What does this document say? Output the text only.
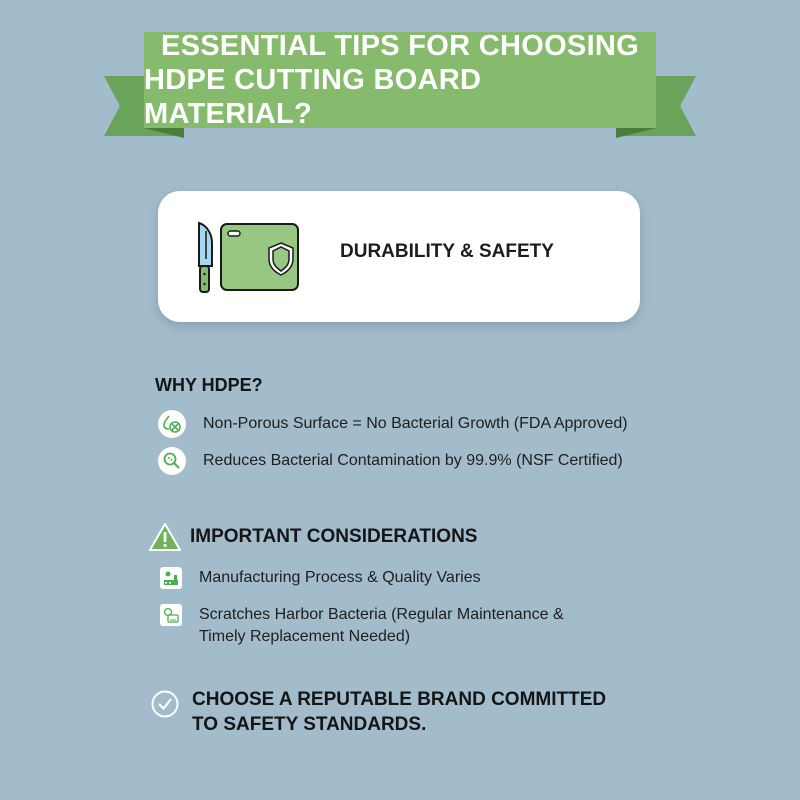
ESSENTIAL TIPS FOR CHOOSING
HDPE CUTTING BOARD MATERIAL?
DURABILITY & SAFETY
WHY HDPE?
Non-Porous Surface = No Bacterial Growth (FDA Approved)
Reduces Bacterial Contamination by 99.9% (NSF Certified)
IMPORTANT CONSIDERATIONS
Manufacturing Process & Quality Varies
Scratches Harbor Bacteria (Regular Maintenance &
Timely Replacement Needed)
CHOOSE A REPUTABLE BRAND COMMITTED
TO SAFETY STANDARDS.
